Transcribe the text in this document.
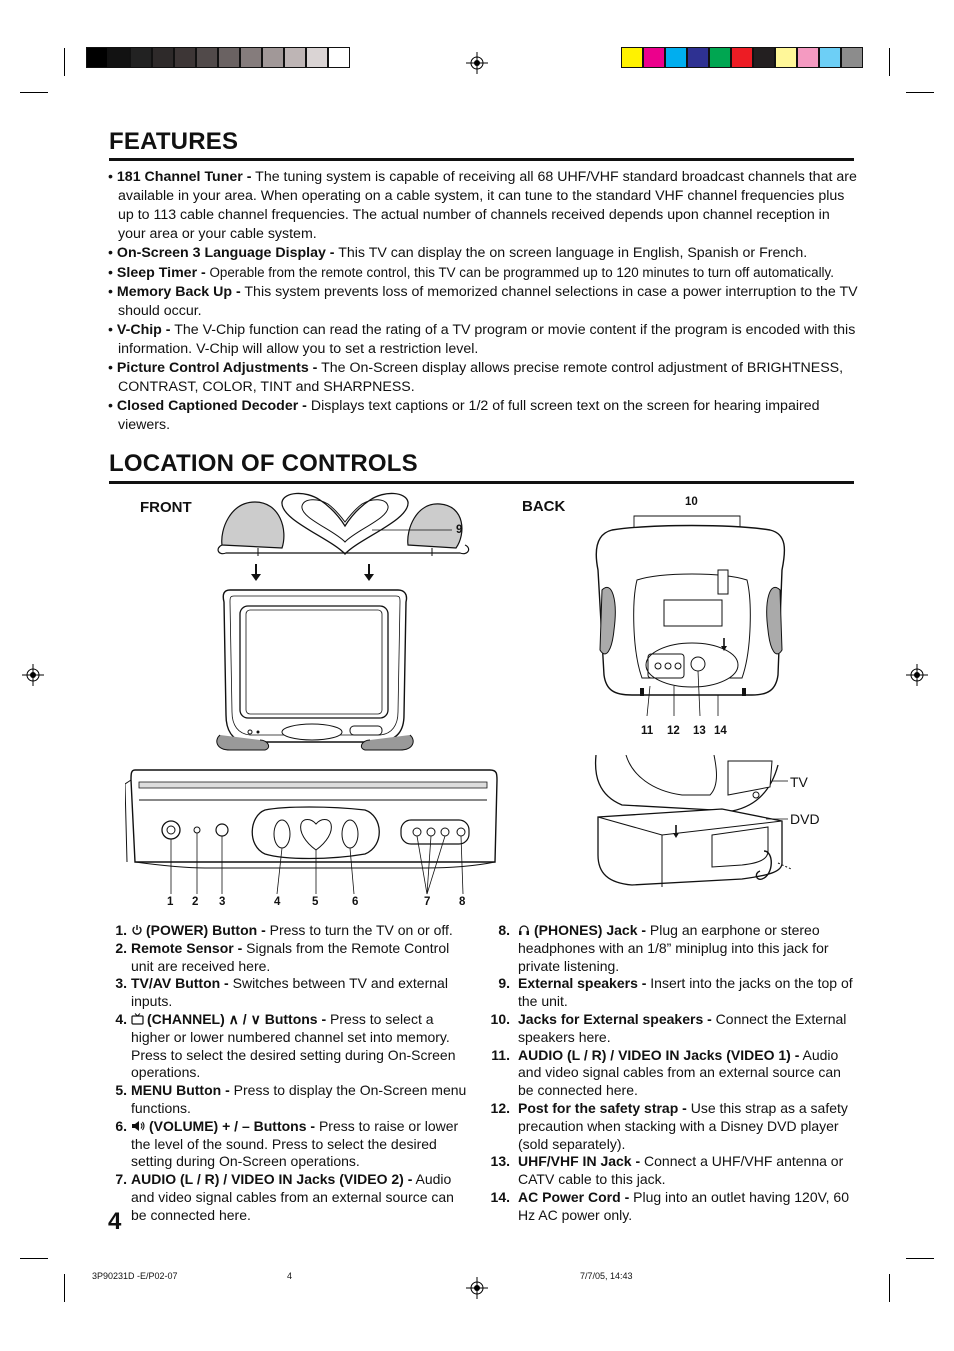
FEATURES

• 181 Channel Tuner - The tuning system is capable of receiving all 68 UHF/VHF standard broadcast channels that are available in your area. When operating on a cable system, it can tune to the standard VHF channel frequencies plus up to 113 cable channel frequencies. The actual number of channels received depends upon channel reception in your area or your cable system.

• On-Screen 3 Language Display - This TV can display the on screen language in English, Spanish or French.

• Sleep Timer - Operable from the remote control, this TV can be programmed up to 120 minutes to turn off automatically.

• Memory Back Up - This system prevents loss of memorized channel selections in case a power interruption to the TV should occur.

• V-Chip - The V-Chip function can read the rating of a TV program or movie content if the program is encoded with this information. V-Chip will allow you to set a restriction level.

• Picture Control Adjustments - The On-Screen display allows precise remote control adjustment of BRIGHTNESS, CONTRAST, COLOR, TINT and SHARPNESS.

• Closed Captioned Decoder - Displays text captions or 1/2 of full screen text on the screen for hearing impaired viewers.

LOCATION OF CONTROLS
FRONT	BACK
9
1 2 3	4	5	6	7 8
10
11 12 13 14
TV
DVD
1.	(POWER) Button - Press to turn the TV on or off.
2. Remote Sensor - Signals from the Remote Control unit are received here.
3. TV/AV Button - Switches between TV and external inputs.
4.	(CHANNEL) ∧ / ∨ Buttons - Press to select a higher or lower numbered channel set into memory. Press to select the desired setting during On-Screen operations.
5. MENU Button - Press to display the On-Screen menu functions.
6.	(VOLUME) + / – Buttons - Press to raise or lower the level of the sound. Press to select the desired setting during On-Screen operations.
7. AUDIO (L / R) / VIDEO IN Jacks (VIDEO 2) - Audio and video signal cables from an external source can be connected here.
8.	(PHONES) Jack - Plug an earphone or stereo headphones with an 1/8” miniplug into this jack for private listening.
9. External speakers - Insert into the jacks on the top of the unit.
10. Jacks for External speakers - Connect the External speakers here.
11. AUDIO (L / R) / VIDEO IN Jacks (VIDEO 1) - Audio and video signal cables from an external source can be connected here.
12. Post for the safety strap - Use this strap as a safety precaution when stacking with a Disney DVD player (sold separately).
13. UHF/VHF IN Jack - Connect a UHF/VHF antenna or CATV cable to this jack.
14. AC Power Cord - Plug into an outlet having 120V, 60 Hz AC power only.
4
3P90231D -E/P02-07	4	7/7/05, 14:43
